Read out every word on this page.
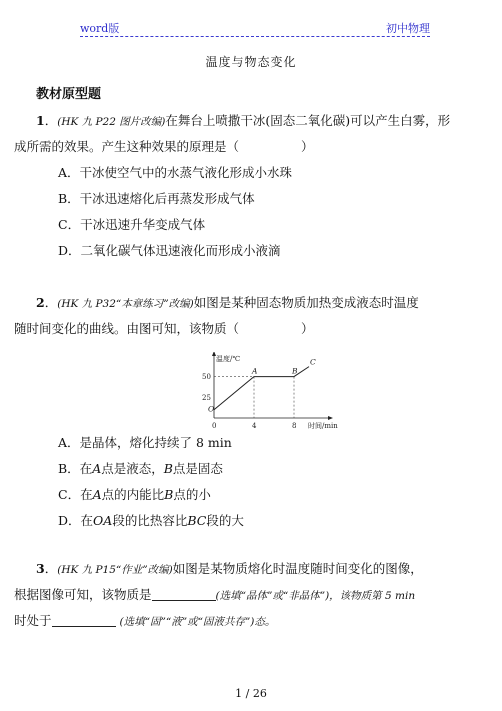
word版	初中物理
温度与物态变化
教材原型题
1．(HK 九 P22 图片改编)在舞台上喷撒干冰(固态二氧化碳)可以产生白雾，形
成所需的效果。产生这种效果的原理是（	）
A．干冰使空气中的水蒸气液化形成小水珠
B．干冰迅速熔化后再蒸发形成气体
C．干冰迅速升华变成气体
D．二氧化碳气体迅速液化而形成小液滴
2．(HK 九 P32“本章练习”改编)如图是某种固态物质加热变成液态时温度
随时间变化的曲线。由图可知，该物质（	）
温度/℃
时间/min
0	4	8
25
50
O
A	B
C
A．是晶体，熔化持续了 8 min
B．在A点是液态，B点是固态
C．在A点的内能比B点的小
D．在OA段的比热容比BC段的大
3．(HK 九 P15“作业”改编)如图是某物质熔化时温度随时间变化的图像，
根据图像可知，该物质是	(选填“晶体”或“非晶体”)，该物质第 5 min
时处于	(选填“固”“液”或“固液共存”)态。
1 / 26
